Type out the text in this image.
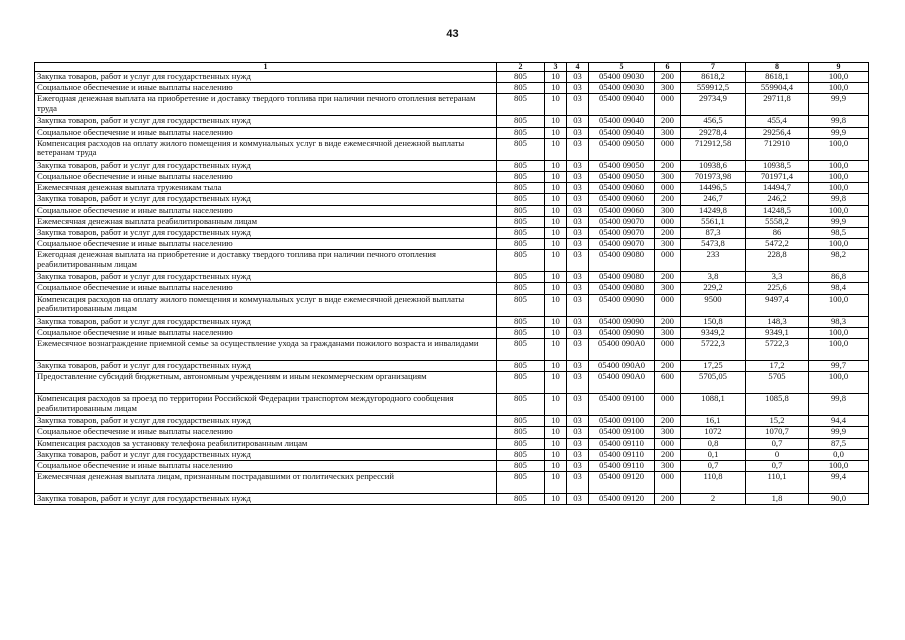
43
1	2	3	4	5	6	7	8	9
Закупка товаров, работ и услуг для государственных нужд	805	10	03	05400 09030	200	8618,2	8618,1	100,0
Социальное обеспечение и иные выплаты населению	805	10	03	05400 09030	300	559912,5	559904,4	100,0
Ежегодная денежная выплата на приобретение и доставку твердого топлива при наличии печного отопления ветеранам труда	805	10	03	05400 09040	000	29734,9	29711,8	99,9
Закупка товаров, работ и услуг для государственных нужд	805	10	03	05400 09040	200	456,5	455,4	99,8
Социальное обеспечение и иные выплаты населению	805	10	03	05400 09040	300	29278,4	29256,4	99,9
Компенсация расходов на оплату жилого помещения и коммунальных услуг в виде ежемесячной денежной выплаты ветеранам труда	805	10	03	05400 09050	000	712912,58	712910	100,0
Закупка товаров, работ и услуг для государственных нужд	805	10	03	05400 09050	200	10938,6	10938,5	100,0
Социальное обеспечение и иные выплаты населению	805	10	03	05400 09050	300	701973,98	701971,4	100,0
Ежемесячная денежная выплата труженикам тыла	805	10	03	05400 09060	000	14496,5	14494,7	100,0
Закупка товаров, работ и услуг для государственных нужд	805	10	03	05400 09060	200	246,7	246,2	99,8
Социальное обеспечение и иные выплаты населению	805	10	03	05400 09060	300	14249,8	14248,5	100,0
Ежемесячная денежная выплата реабилитированным лицам	805	10	03	05400 09070	000	5561,1	5558,2	99,9
Закупка товаров, работ и услуг для государственных нужд	805	10	03	05400 09070	200	87,3	86	98,5
Социальное обеспечение и иные выплаты населению	805	10	03	05400 09070	300	5473,8	5472,2	100,0
Ежегодная денежная выплата на приобретение и доставку твердого топлива при наличии печного отопления реабилитированным лицам	805	10	03	05400 09080	000	233	228,8	98,2
Закупка товаров, работ и услуг для государственных нужд	805	10	03	05400 09080	200	3,8	3,3	86,8
Социальное обеспечение и иные выплаты населению	805	10	03	05400 09080	300	229,2	225,6	98,4
Компенсация расходов на оплату жилого помещения и коммунальных услуг в виде ежемесячной денежной выплаты реабилитированным лицам	805	10	03	05400 09090	000	9500	9497,4	100,0
Закупка товаров, работ и услуг для государственных нужд	805	10	03	05400 09090	200	150,8	148,3	98,3
Социальное обеспечение и иные выплаты населению	805	10	03	05400 09090	300	9349,2	9349,1	100,0
Ежемесячное вознаграждение приемной семье за осуществление ухода за гражданами пожилого возраста и инвалидами	805	10	03	05400 090А0	000	5722,3	5722,3	100,0
Закупка товаров, работ и услуг для государственных нужд	805	10	03	05400 090А0	200	17,25	17,2	99,7
Предоставление субсидий бюджетным, автономным учреждениям и иным некоммерческим организациям	805	10	03	05400 090А0	600	5705,05	5705	100,0
Компенсация расходов за проезд по территории Российской Федерации транспортом междугородного сообщения реабилитированным лицам	805	10	03	05400 09100	000	1088,1	1085,8	99,8
Закупка товаров, работ и услуг для государственных нужд	805	10	03	05400 09100	200	16,1	15,2	94,4
Социальное обеспечение и иные выплаты населению	805	10	03	05400 09100	300	1072	1070,7	99,9
Компенсация расходов за установку телефона реабилитированным лицам	805	10	03	05400 09110	000	0,8	0,7	87,5
Закупка товаров, работ и услуг для государственных нужд	805	10	03	05400 09110	200	0,1	0	0,0
Социальное обеспечение и иные выплаты населению	805	10	03	05400 09110	300	0,7	0,7	100,0
Ежемесячная денежная выплата лицам, признанным пострадавшими от политических репрессий	805	10	03	05400 09120	000	110,8	110,1	99,4
Закупка товаров, работ и услуг для государственных нужд	805	10	03	05400 09120	200	2	1,8	90,0
